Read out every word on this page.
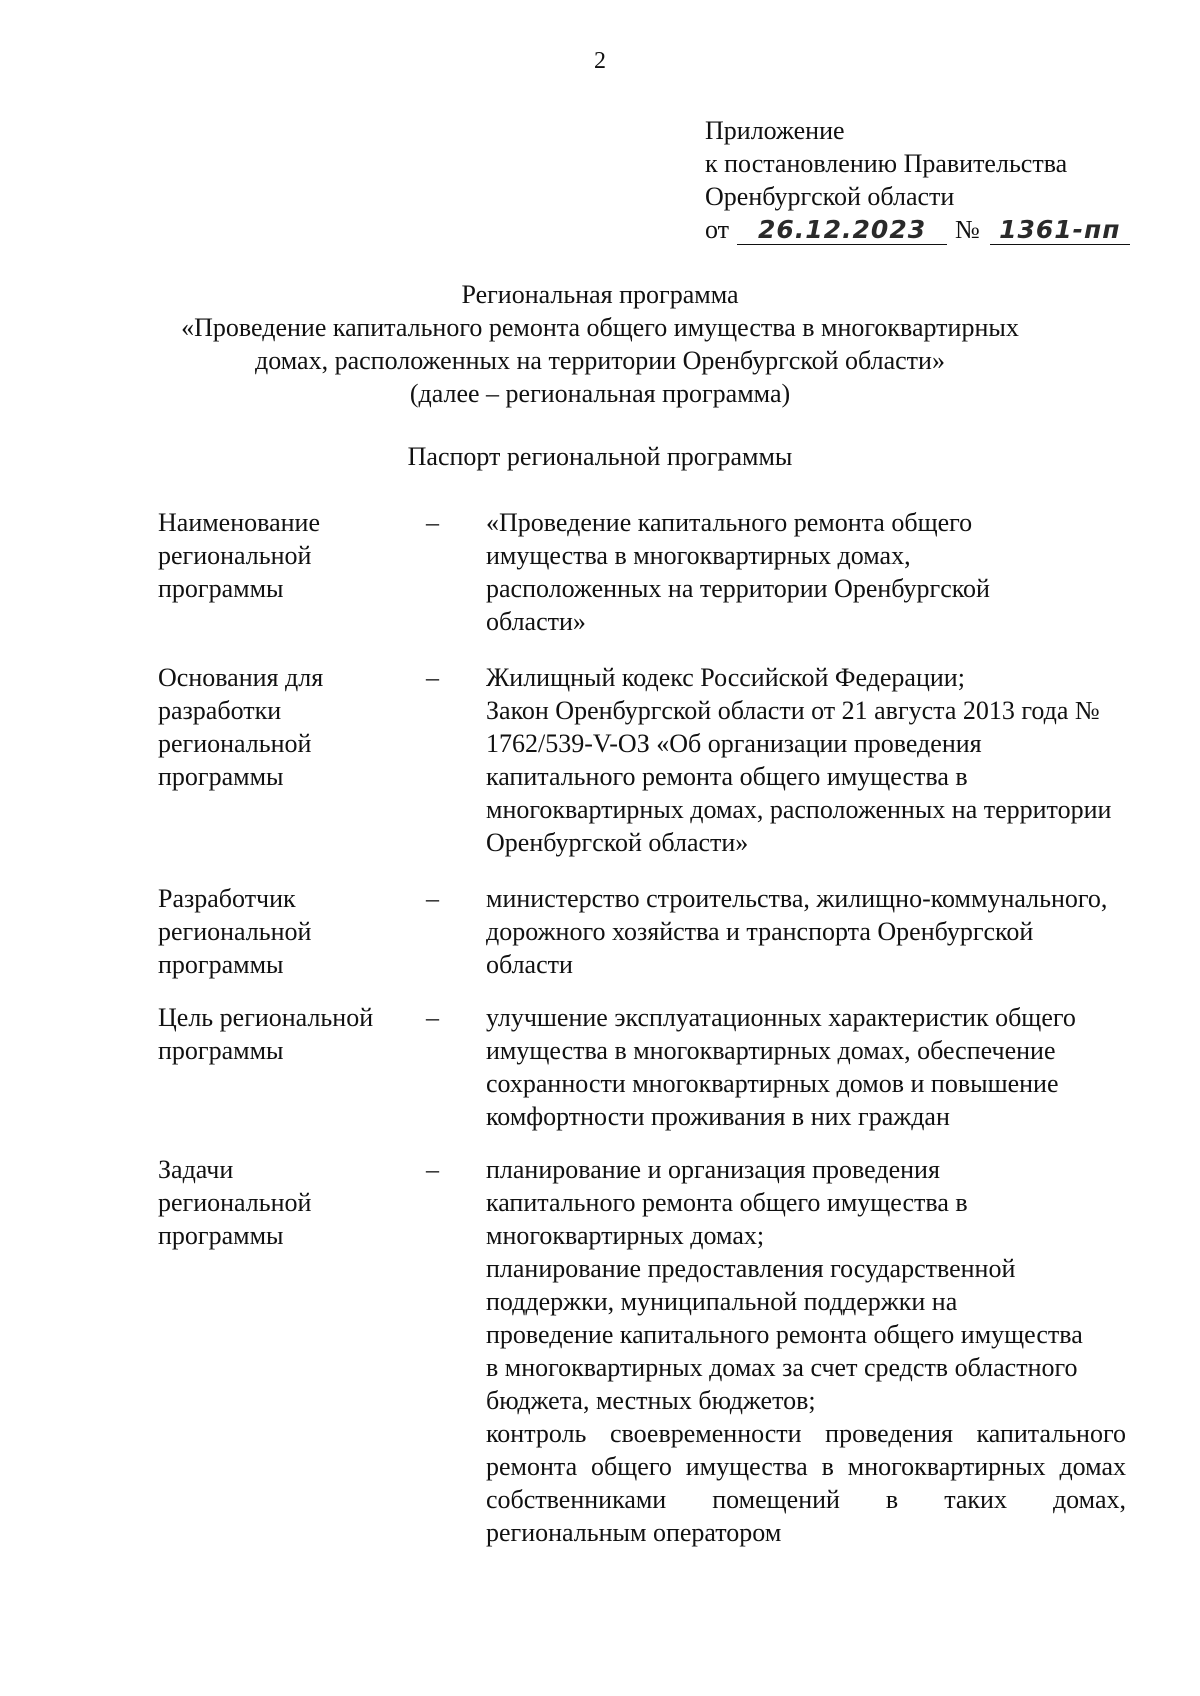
2
Приложение
к постановлению Правительства
Оренбургской области
от	26.12.2023	№ 1361-пп
Региональная программа
«Проведение капитального ремонта общего имущества в многоквартирных
домах, расположенных на территории Оренбургской области»
(далее – региональная программа)
Паспорт региональной программы
Наименование региональной программы
–	«Проведение капитального ремонта общего имущества в многоквартирных домах, расположенных на территории Оренбургской области»

Основания для разработки региональной программы
–	Жилищный кодекс Российской Федерации;

Закон Оренбургской области от 21 августа 2013 года № 1762/539-V-ОЗ «Об организации проведения капитального ремонта общего имущества в многоквартирных домах, расположенных на территории Оренбургской области»

Разработчик региональной программы
–	министерство строительства, жилищно-коммунального, дорожного хозяйства и транспорта Оренбургской области

Цель региональной программы
–	улучшение эксплуатационных характеристик общего имущества в многоквартирных домах, обеспечение сохранности многоквартирных домов и повышение комфортности проживания в них граждан

Задачи региональной программы
–	планирование и организация проведения капитального ремонта общего имущества в многоквартирных домах;

планирование предоставления государственной поддержки, муниципальной поддержки на проведение капитального ремонта общего имущества в многоквартирных домах за счет средств областного бюджета, местных бюджетов;

контроль своевременности проведения капитального ремонта общего имущества в многоквартирных домах собственниками помещений в таких домах, региональным оператором
